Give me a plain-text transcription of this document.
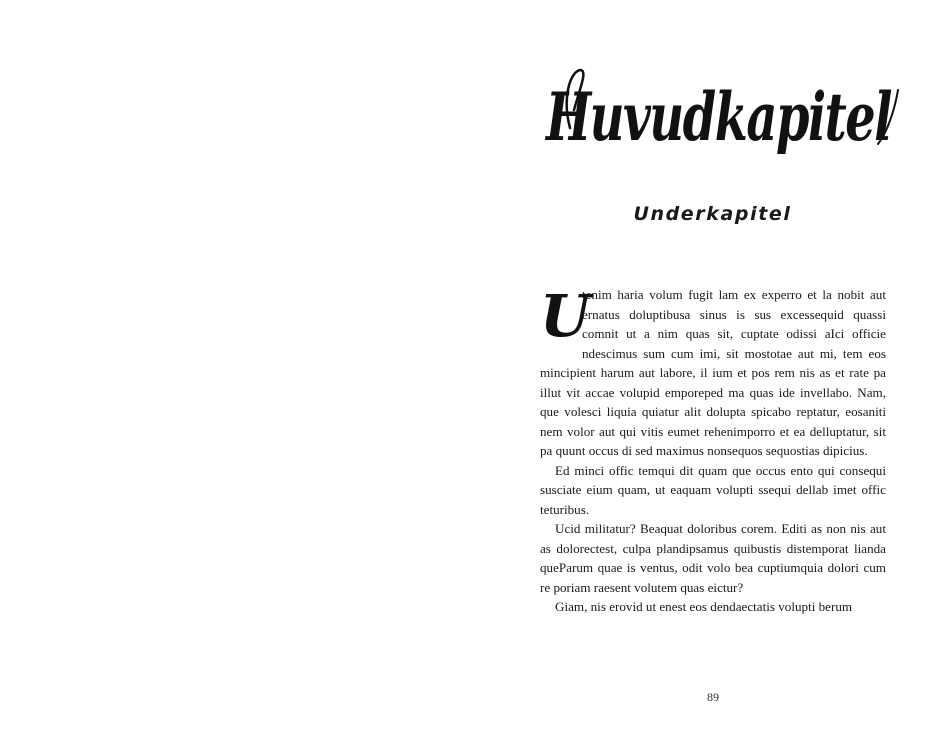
Huvudkapitel
Underkapitel

U
tenim haria volum fugit lam ex experro et la nobit aut ernatus doluptibusa sinus is sus excessequid quassi comnit ut a nim quas sit, cuptate odissi aIci officie ndescimus sum cum imi, sit mostotae aut mi, tem eos mincipient harum aut labore, il ium et pos rem nis as et rate pa illut vit accae volupid emporeped ma quas ide invellabo. Nam, que volesci liquia quiatur alit dolupta spicabo reptatur, eosaniti nem volor aut qui vitis eumet rehenimporro et ea delluptatur, sit pa quunt occus di sed maximus nonsequos sequostias dipicius.

Ed minci offic temqui dit quam que occus ento qui consequi susciate eium quam, ut eaquam volupti ssequi dellab imet offic teturibus.

Ucid militatur? Beaquat doloribus corem. Editi as non nis aut as dolorectest, culpa plandipsamus quibustis distemporat lianda queParum quae is ventus, odit volo bea cuptiumquia dolori cum re poriam raesent volutem quas eictur?

Giam, nis erovid ut enest eos dendaectatis volupti berum

89
